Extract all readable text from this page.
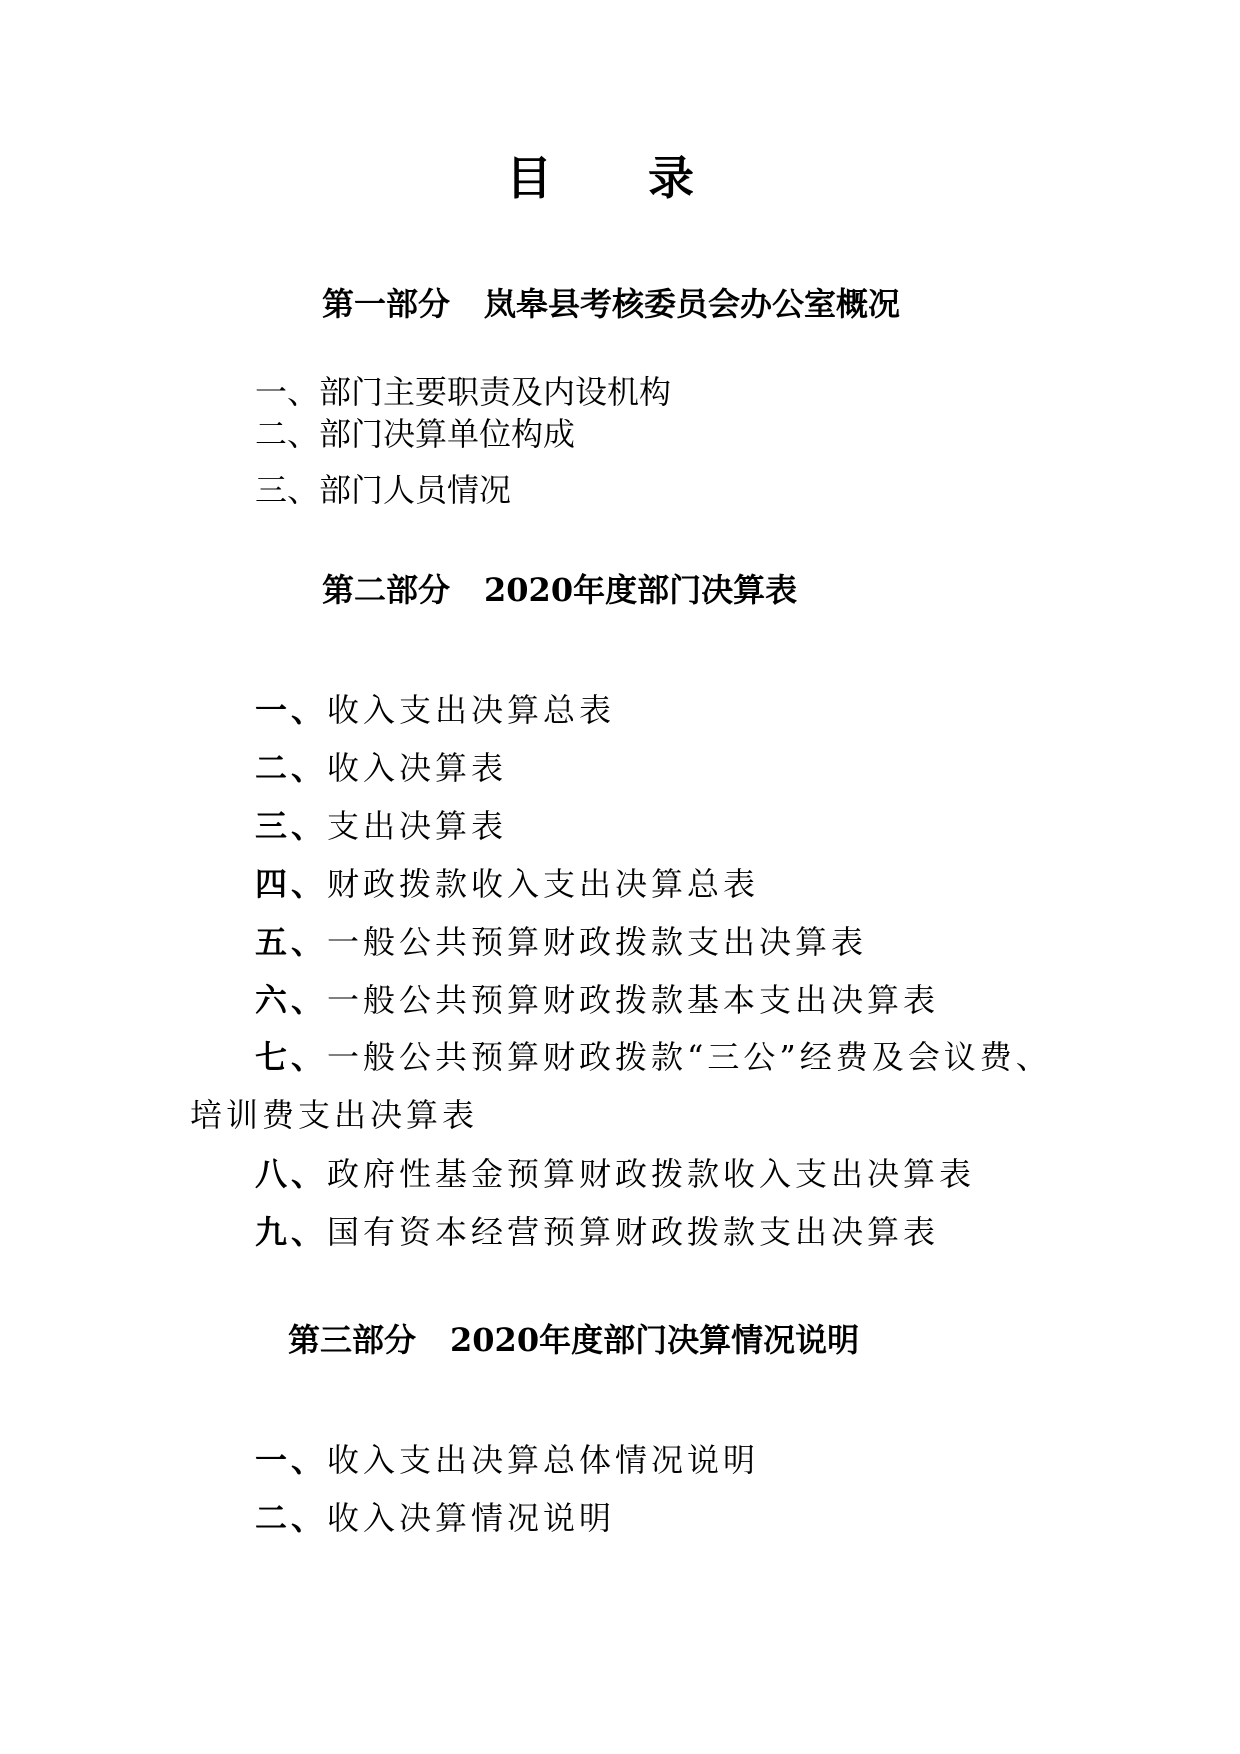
目 录
第一部分 岚皋县考核委员会办公室概况
一、部门主要职责及内设机构
二、部门决算单位构成
三、部门人员情况
第二部分 2020年度部门决算表
一、收入支出决算总表
二、收入决算表
三、支出决算表
四、财政拨款收入支出决算总表
五、一般公共预算财政拨款支出决算表
六、一般公共预算财政拨款基本支出决算表
七、一般公共预算财政拨款“三公”经费及会议费、培训费支出决算表
八、政府性基金预算财政拨款收入支出决算表
九、国有资本经营预算财政拨款支出决算表
第三部分 2020年度部门决算情况说明
一、收入支出决算总体情况说明
二、收入决算情况说明
